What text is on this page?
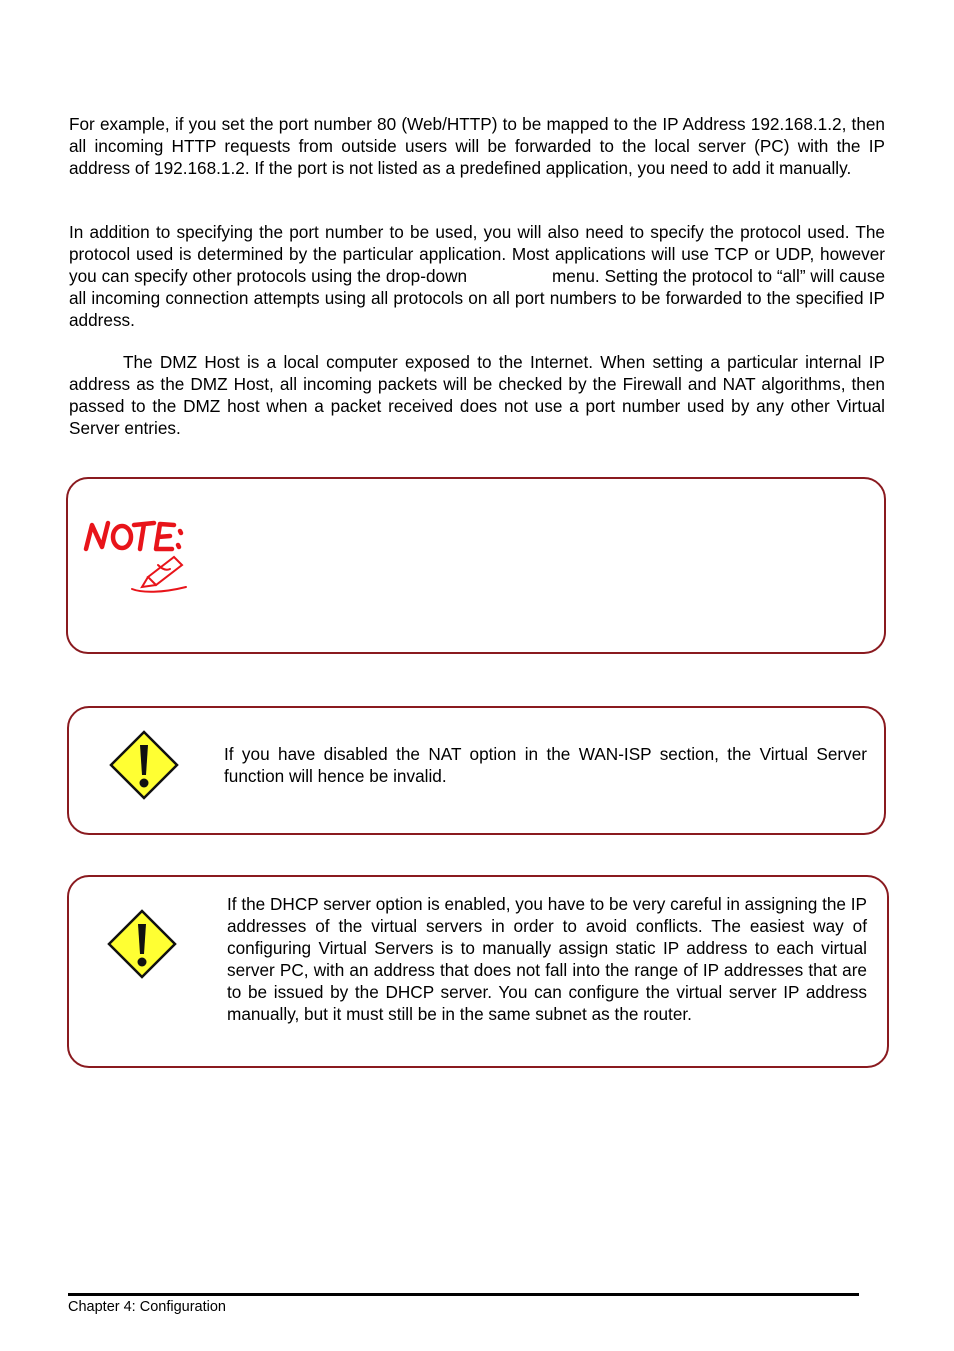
For example, if you set the port number 80 (Web/HTTP) to be mapped to the IP Address 192.168.1.2, then all incoming HTTP requests from outside users will be forwarded to the local server (PC) with the IP address of 192.168.1.2. If the port is not listed as a predefined application, you need to add it manually.

In addition to specifying the port number to be used, you will also need to specify the protocol used. The protocol used is determined by the particular application. Most applications will use TCP or UDP, however you can specify other protocols using the drop-down	menu. Setting the protocol to “all” will cause all incoming connection attempts using all protocols on all port numbers to be forwarded to the specified IP address.

The DMZ Host is a local computer exposed to the Internet. When setting a particular internal IP address as the DMZ Host, all incoming packets will be checked by the Firewall and NAT algorithms, then passed to the DMZ host when a packet received does not use a port number used by any other Virtual Server entries.

If you have disabled the NAT option in the WAN-ISP section, the Virtual Server function will hence be invalid.

If the DHCP server option is enabled, you have to be very careful in assigning the IP addresses of the virtual servers in order to avoid conflicts. The easiest way of configuring Virtual Servers is to manually assign static IP address to each virtual server PC, with an address that does not fall into the range of IP addresses that are to be issued by the DHCP server. You can configure the virtual server IP address manually, but it must still be in the same subnet as the router.

Chapter 4: Configuration
